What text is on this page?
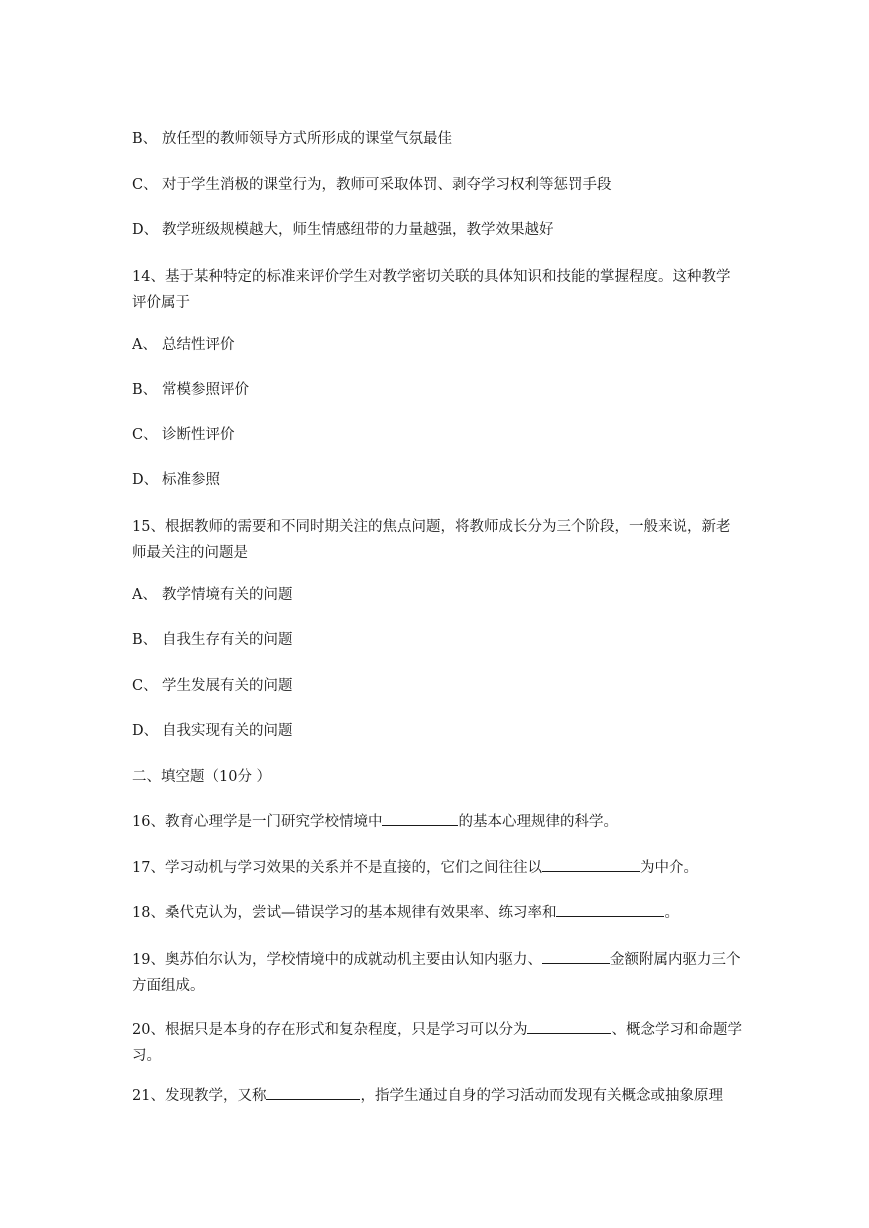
B、 放任型的教师领导方式所形成的课堂气氛最佳
C、 对于学生消极的课堂行为，教师可采取体罚、剥夺学习权利等惩罚手段
D、 教学班级规模越大，师生情感纽带的力量越强，教学效果越好
14、基于某种特定的标准来评价学生对教学密切关联的具体知识和技能的掌握程度。这种教学评价属于
A、 总结性评价
B、 常模参照评价
C、 诊断性评价
D、 标准参照
15、根据教师的需要和不同时期关注的焦点问题，将教师成长分为三个阶段，一般来说，新老师最关注的问题是
A、 教学情境有关的问题
B、 自我生存有关的问题
C、 学生发展有关的问题
D、 自我实现有关的问题
二、填空题（10分 ）
16、教育心理学是一门研究学校情境中	的基本心理规律的科学。
17、学习动机与学习效果的关系并不是直接的，它们之间往往以	为中介。
18、桑代克认为，尝试—错误学习的基本规律有效果率、练习率和	。
19、奥苏伯尔认为，学校情境中的成就动机主要由认知内驱力、	金额附属内驱力三个方面组成。
20、根据只是本身的存在形式和复杂程度，只是学习可以分为	、概念学习和命题学习。
21、发现教学，又称	，指学生通过自身的学习活动而发现有关概念或抽象原理
